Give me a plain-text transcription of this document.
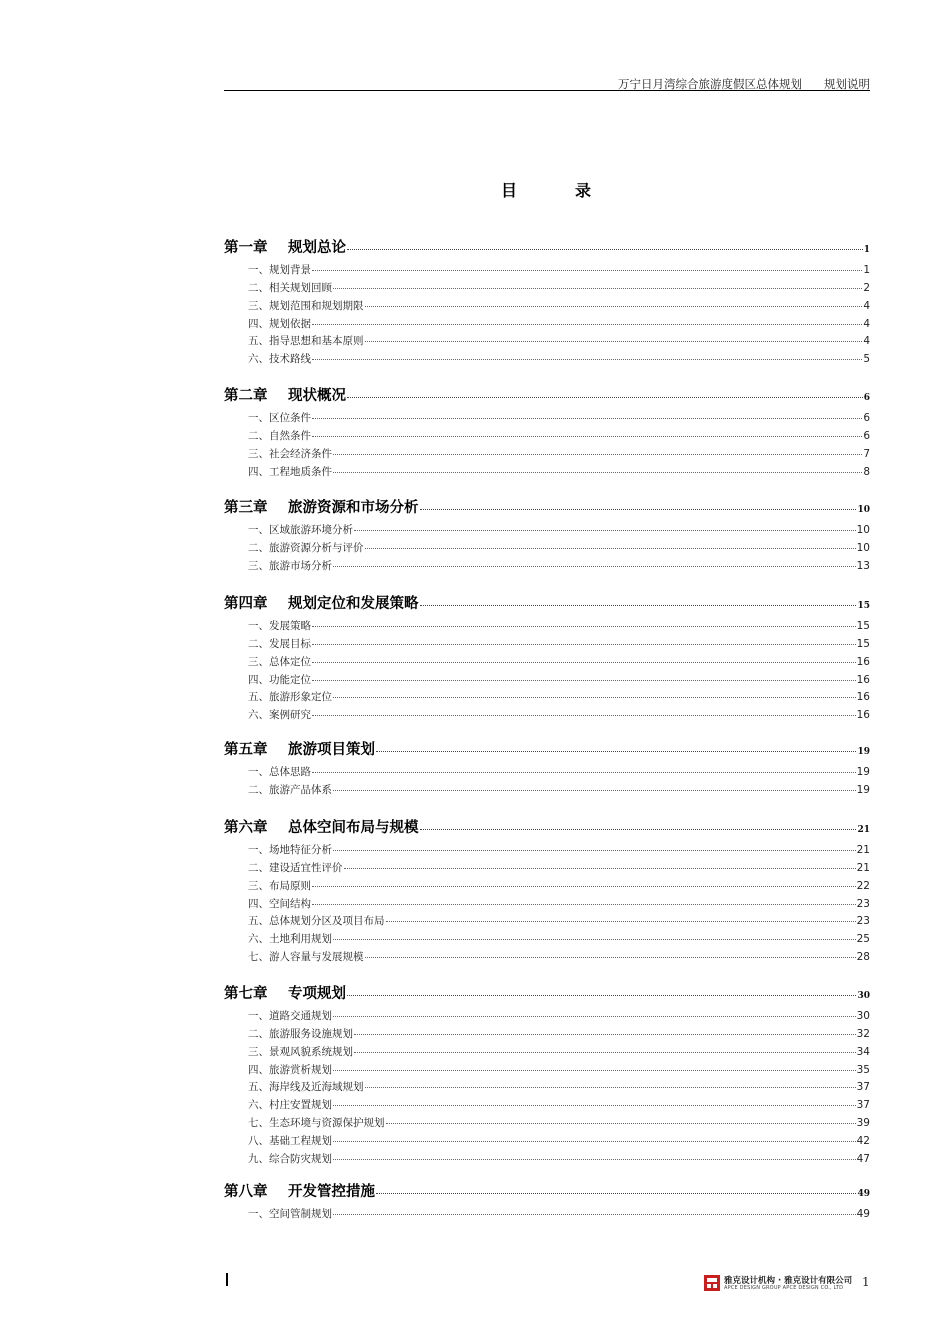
万宁日月湾综合旅游度假区总体规划 规划说明
目	录
第一章	规划总论	1
一、规划背景	1
二、相关规划回顾	2
三、规划范围和规划期限	4
四、规划依据	4
五、指导思想和基本原则	4
六、技术路线	5
第二章	现状概况	6
一、区位条件	6
二、自然条件	6
三、社会经济条件	7
四、工程地质条件	8
第三章	旅游资源和市场分析	10
一、区域旅游环境分析	10
二、旅游资源分析与评价	10
三、旅游市场分析	13
第四章	规划定位和发展策略	15
一、发展策略	15
二、发展目标	15
三、总体定位	16
四、功能定位	16
五、旅游形象定位	16
六、案例研究	16
第五章	旅游项目策划	19
一、总体思路	19
二、旅游产品体系	19
第六章	总体空间布局与规模	21
一、场地特征分析	21
二、建设适宜性评价	21
三、布局原则	22
四、空间结构	23
五、总体规划分区及项目布局	23
六、土地利用规划	25
七、游人容量与发展规模	28
第七章	专项规划	30
一、道路交通规划	30
二、旅游服务设施规划	32
三、景观风貌系统规划	34
四、旅游赏析规划	35
五、海岸线及近海域规划	37
六、村庄安置规划	37
七、生态环境与资源保护规划	39
八、基础工程规划	42
九、综合防灾规划	47
第八章	开发管控措施	49
一、空间管制规划	49
雅克设计机构 · 雅克设计有限公司
APCE DESIGN GROUP APCE DESIGN CO., LTD 1
